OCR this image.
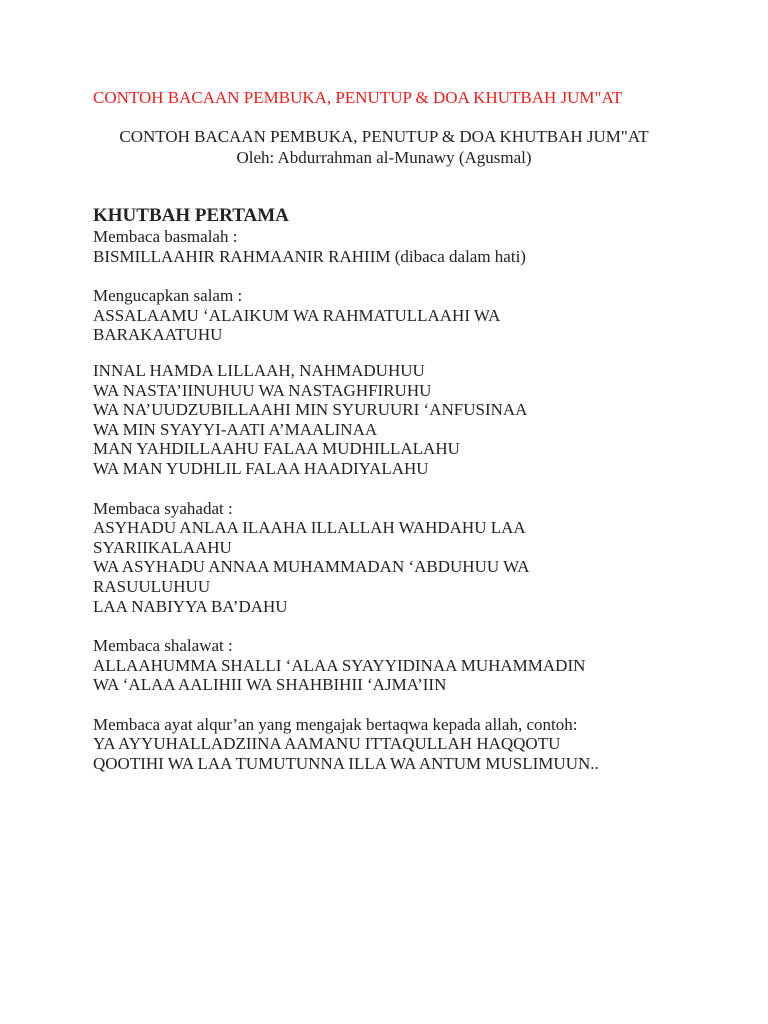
CONTOH BACAAN PEMBUKA, PENUTUP & DOA KHUTBAH JUM"AT

CONTOH BACAAN PEMBUKA, PENUTUP & DOA KHUTBAH JUM"AT

Oleh: Abdurrahman al-Munawy (Agusmal)

KHUTBAH PERTAMA

Membaca basmalah :

BISMILLAAHIR RAHMAANIR RAHIIM (dibaca dalam hati)

Mengucapkan salam :

ASSALAAMU ‘ALAIKUM WA RAHMATULLAAHI WA

BARAKAATUHU

INNAL HAMDA LILLAAH, NAHMADUHUU

WA NASTA’IINUHUU WA NASTAGHFIRUHU

WA NA’UUDZUBILLAAHI MIN SYURUURI ‘ANFUSINAA

WA MIN SYAYYI-AATI A’MAALINAA

MAN YAHDILLAAHU FALAA MUDHILLALAHU

WA MAN YUDHLIL FALAA HAADIYALAHU

Membaca syahadat :

ASYHADU ANLAA ILAAHA ILLALLAH WAHDAHU LAA

SYARIIKALAAHU

WA ASYHADU ANNAA MUHAMMADAN ‘ABDUHUU WA

RASUULUHUU

LAA NABIYYA BA’DAHU

Membaca shalawat :

ALLAAHUMMA SHALLI ‘ALAA SYAYYIDINAA MUHAMMADIN

WA ‘ALAA AALIHII WA SHAHBIHII ‘AJMA’IIN

Membaca ayat alqur’an yang mengajak bertaqwa kepada allah, contoh:

YA AYYUHALLADZIINA AAMANU ITTAQULLAH HAQQOTU

QOOTIHI WA LAA TUMUTUNNA ILLA WA ANTUM MUSLIMUUN..
